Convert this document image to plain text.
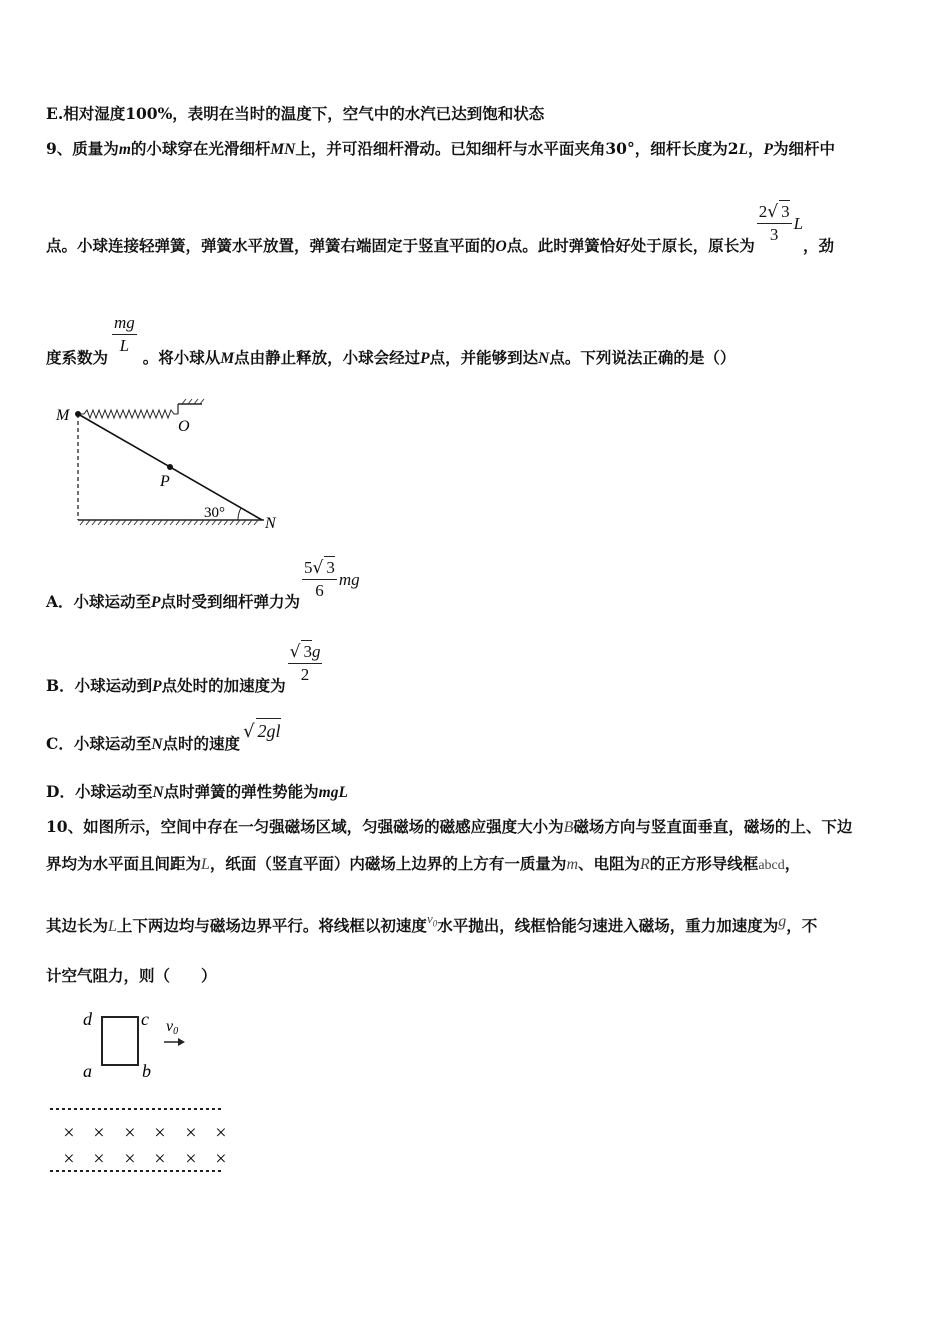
E.相对湿度100%，表明在当时的温度下，空气中的水汽已达到饱和状态
9、质量为m的小球穿在光滑细杆MN上，并可沿细杆滑动。已知细杆与水平面夹角30°，细杆长度为2L，P为细杆中
点。小球连接轻弹簧，弹簧水平放置，弹簧右端固定于竖直平面的O点。此时弹簧恰好处于原长，原长为 $\frac{2√ 3}{3}$ L，劲
度系数为 $\frac{mg}{L}$ 。将小球从M点由静止释放，小球会经过P点，并能够到达N点。下列说法正确的是（）
M
O
P
N
30°
A．小球运动至P点时受到细杆弹力为 $\frac{5√ 3}{6}$ mg
B．小球运动到P点处时的加速度为 $\frac{√ 3g}{2}$
C．小球运动至N点时的速度√ 2gl
D．小球运动至N点时弹簧的弹性势能为mgL
10、如图所示，空间中存在一匀强磁场区域，匀强磁场的磁感应强度大小为B磁场方向与竖直面垂直，磁场的上、下边
界均为水平面且间距为L，纸面（竖直平面）内磁场上边界的上方有一质量为m、电阻为R的正方形导线框abcd，
其边长为L上下两边均与磁场边界平行。将线框以初速度$^{v_0}$水平抛出，线框恰能匀速进入磁场，重力加速度为g，不
计空气阻力，则（　　）
d	c
a	b
v0
× × × × × ×
× × × × × ×
